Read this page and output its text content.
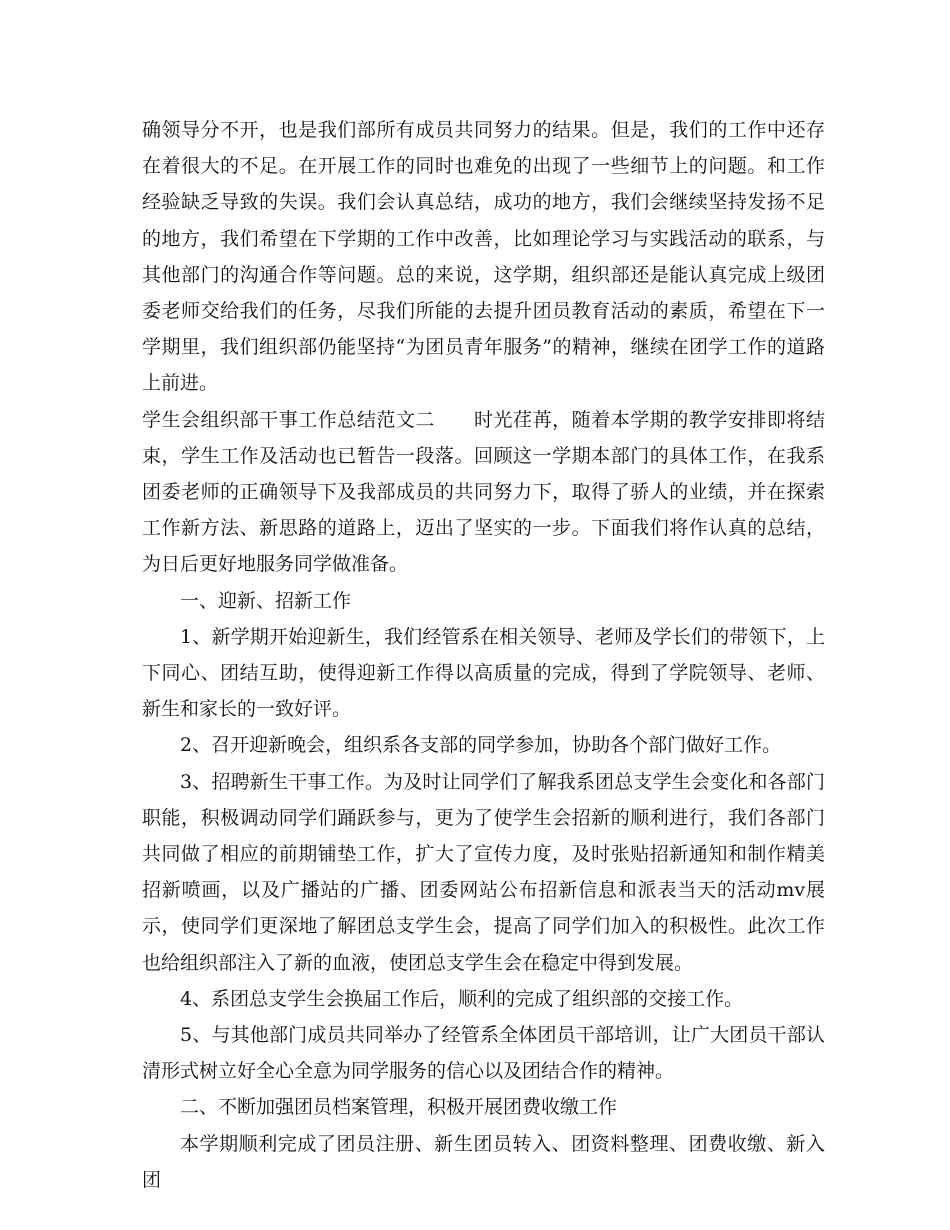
确领导分不开，也是我们部所有成员共同努力的结果。但是，我们的工作中还存在着很大的不足。在开展工作的同时也难免的出现了一些细节上的问题。和工作经验缺乏导致的失误。我们会认真总结，成功的地方，我们会继续坚持发扬不足的地方，我们希望在下学期的工作中改善，比如理论学习与实践活动的联系，与其他部门的沟通合作等问题。总的来说，这学期，组织部还是能认真完成上级团委老师交给我们的任务，尽我们所能的去提升团员教育活动的素质，希望在下一学期里，我们组织部仍能坚持“为团员青年服务”的精神，继续在团学工作的道路上前进。

学生会组织部干事工作总结范文二　　时光荏苒，随着本学期的教学安排即将结束，学生工作及活动也已暂告一段落。回顾这一学期本部门的具体工作，在我系团委老师的正确领导下及我部成员的共同努力下，取得了骄人的业绩，并在探索工作新方法、新思路的道路上，迈出了坚实的一步。下面我们将作认真的总结，为日后更好地服务同学做准备。

一、迎新、招新工作

1、新学期开始迎新生，我们经管系在相关领导、老师及学长们的带领下，上下同心、团结互助，使得迎新工作得以高质量的完成，得到了学院领导、老师、新生和家长的一致好评。

2、召开迎新晚会，组织系各支部的同学参加，协助各个部门做好工作。

3、招聘新生干事工作。为及时让同学们了解我系团总支学生会变化和各部门职能，积极调动同学们踊跃参与，更为了使学生会招新的顺利进行，我们各部门共同做了相应的前期铺垫工作，扩大了宣传力度，及时张贴招新通知和制作精美招新喷画，以及广播站的广播、团委网站公布招新信息和派表当天的活动mv展示，使同学们更深地了解团总支学生会，提高了同学们加入的积极性。此次工作也给组织部注入了新的血液，使团总支学生会在稳定中得到发展。

4、系团总支学生会换届工作后，顺利的完成了组织部的交接工作。

5、与其他部门成员共同举办了经管系全体团员干部培训，让广大团员干部认清形式树立好全心全意为同学服务的信心以及团结合作的精神。

二、不断加强团员档案管理，积极开展团费收缴工作

本学期顺利完成了团员注册、新生团员转入、团资料整理、团费收缴、新入团
